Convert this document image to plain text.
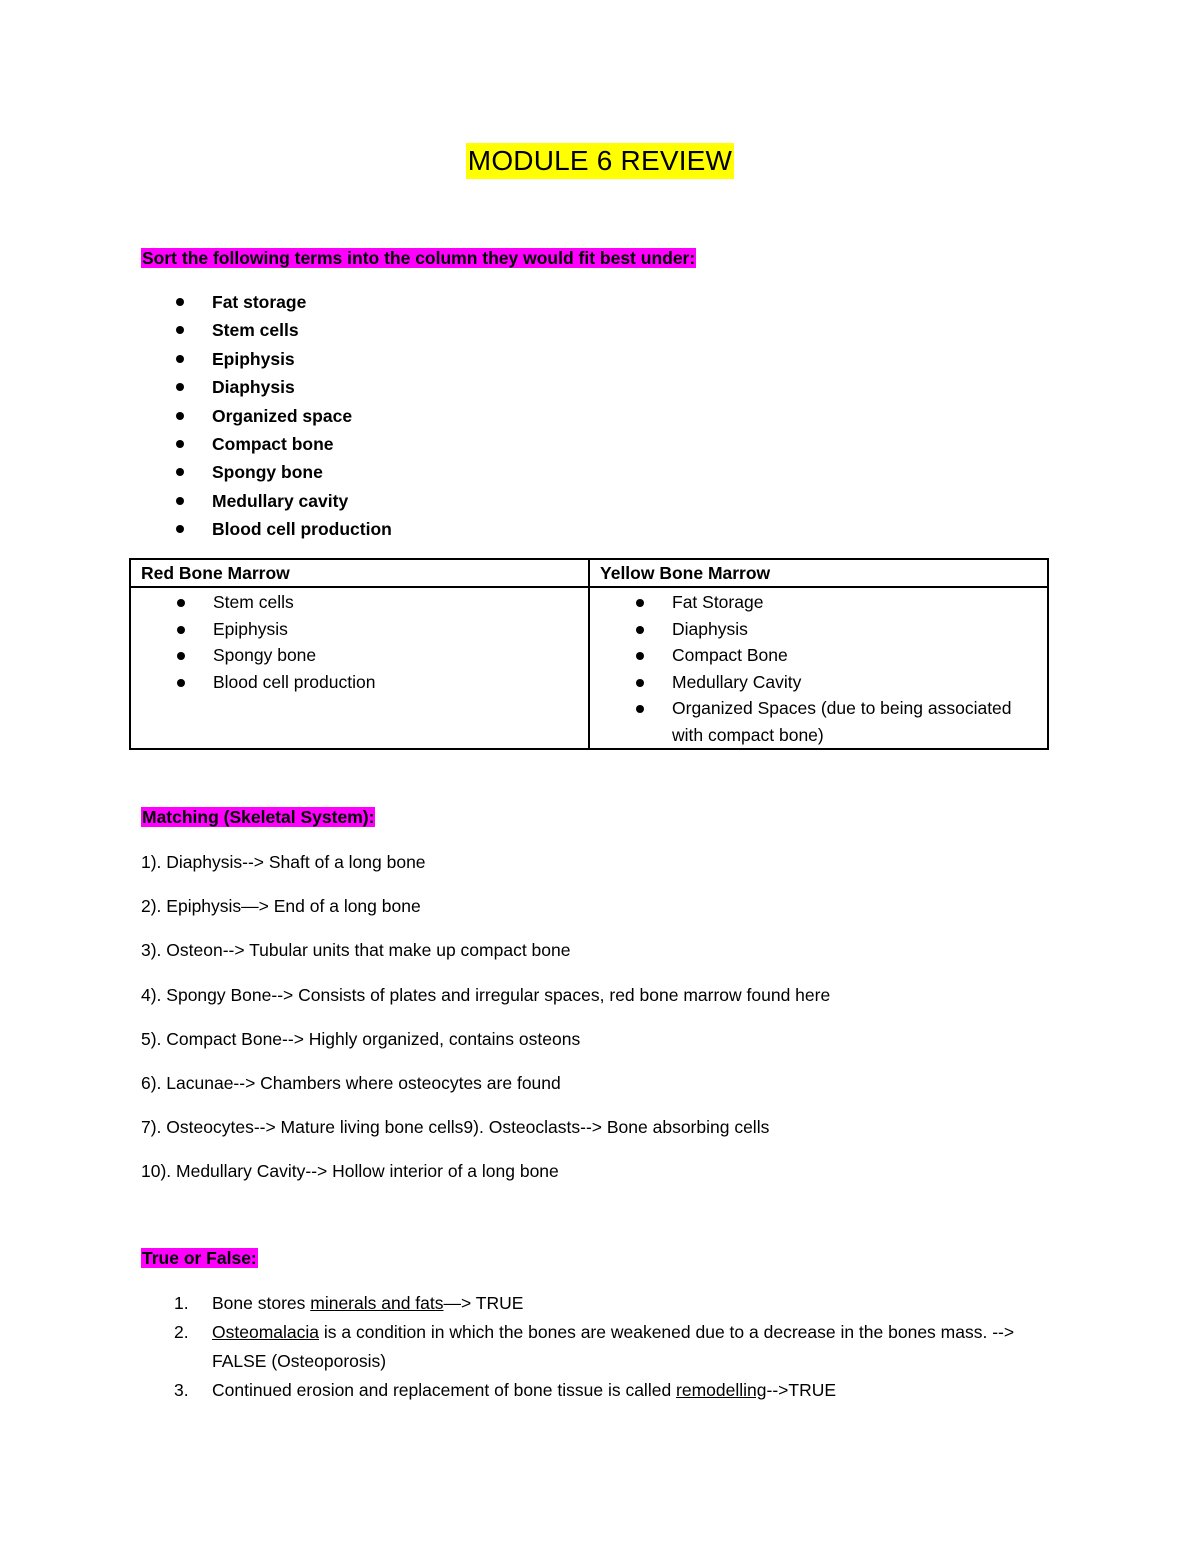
MODULE 6 REVIEW
Sort the following terms into the column they would fit best under:
Fat storage
Stem cells
Epiphysis
Diaphysis
Organized space
Compact bone
Spongy bone
Medullary cavity
Blood cell production
Red Bone Marrow	Yellow Bone Marrow

Stem cells
Epiphysis
Spongy bone
Blood cell production

Fat Storage
Diaphysis
Compact Bone
Medullary Cavity
Organized Spaces (due to being associated with compact bone)
Matching (Skeletal System):
1). Diaphysis--> Shaft of a long bone
2). Epiphysis—> End of a long bone
3). Osteon--> Tubular units that make up compact bone
4). Spongy Bone--> Consists of plates and irregular spaces, red bone marrow found here
5). Compact Bone--> Highly organized, contains osteons
6). Lacunae--> Chambers where osteocytes are found
7). Osteocytes--> Mature living bone cells9). Osteoclasts--> Bone absorbing cells
10). Medullary Cavity--> Hollow interior of a long bone
True or False:
1. Bone stores minerals and fats—> TRUE
2. Osteomalacia is a condition in which the bones are weakened due to a decrease in the bones mass. --> FALSE (Osteoporosis)
3. Continued erosion and replacement of bone tissue is called remodelling-->TRUE
